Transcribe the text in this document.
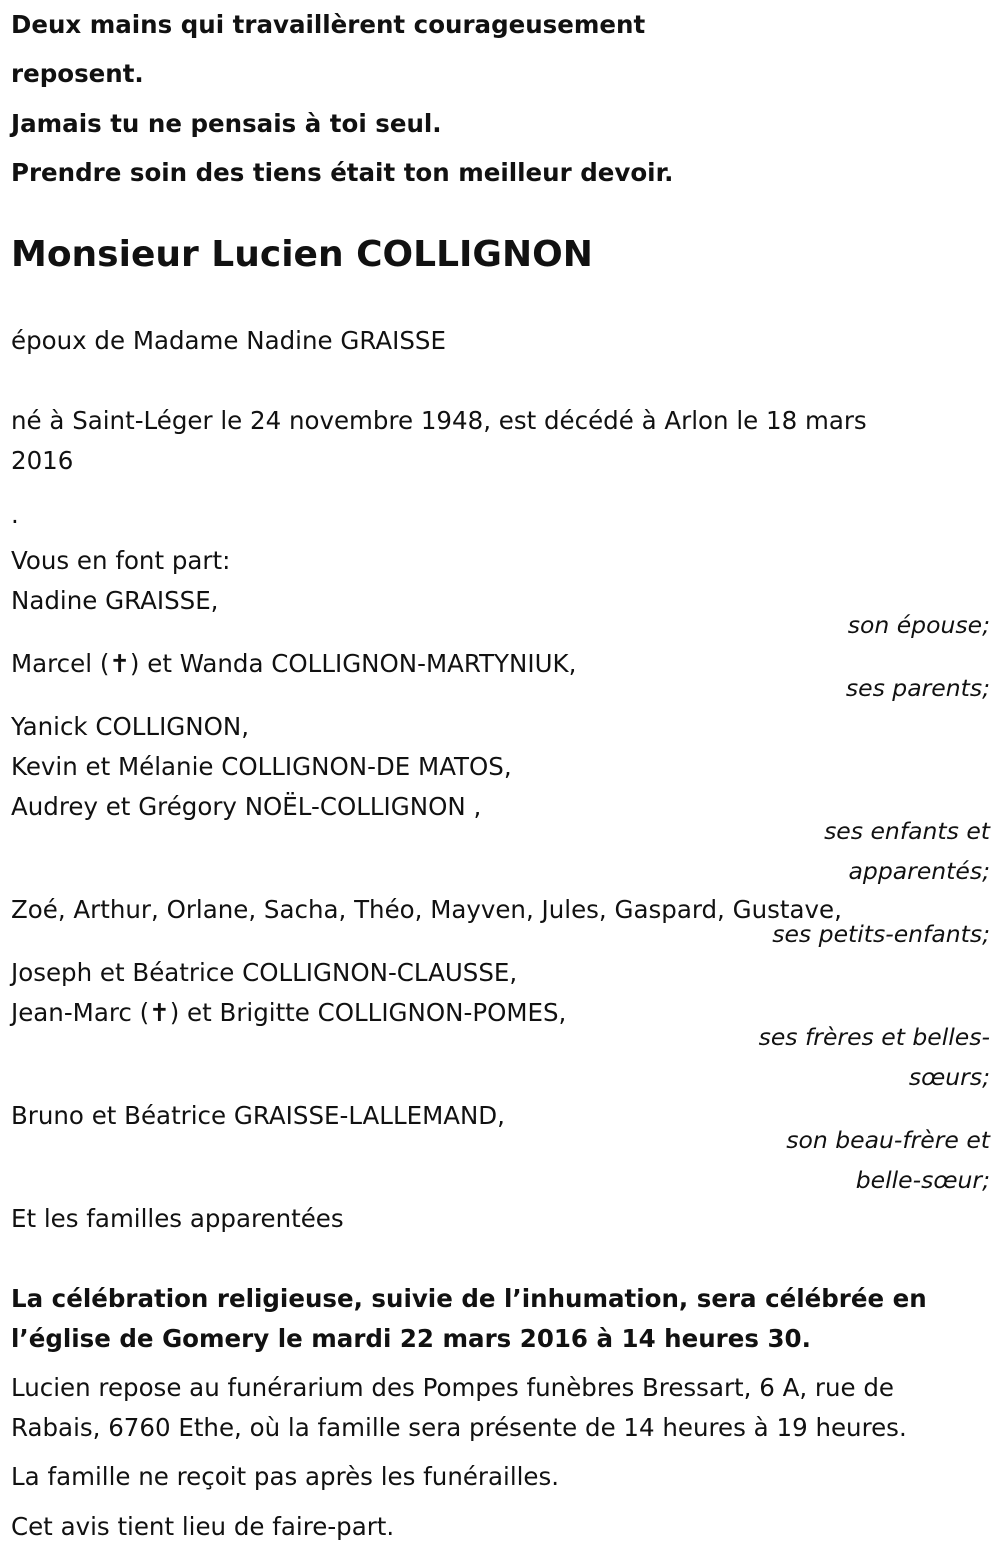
Deux mains qui travaillèrent courageusement
reposent.
Jamais tu ne pensais à toi seul.
Prendre soin des tiens était ton meilleur devoir.
Monsieur Lucien COLLIGNON
époux de Madame Nadine GRAISSE
né à Saint-Léger le 24 novembre 1948, est décédé à Arlon le 18 mars
2016
.
Vous en font part:
Nadine GRAISSE,
son épouse;
Marcel (✝) et Wanda COLLIGNON-MARTYNIUK,
ses parents;
Yanick COLLIGNON,
Kevin et Mélanie COLLIGNON-DE MATOS,
Audrey et Grégory NOËL-COLLIGNON ,
ses enfants et
apparentés;
Zoé, Arthur, Orlane, Sacha, Théo, Mayven, Jules, Gaspard, Gustave,
ses petits-enfants;
Joseph et Béatrice COLLIGNON-CLAUSSE,
Jean-Marc (✝) et Brigitte COLLIGNON-POMES,
ses frères et belles-
sœurs;
Bruno et Béatrice GRAISSE-LALLEMAND,
son beau-frère et
belle-sœur;
Et les familles apparentées
La célébration religieuse, suivie de l’inhumation, sera célébrée en
l’église de Gomery le mardi 22 mars 2016 à 14 heures 30.
Lucien repose au funérarium des Pompes funèbres Bressart, 6 A, rue de
Rabais, 6760 Ethe, où la famille sera présente de 14 heures à 19 heures.
La famille ne reçoit pas après les funérailles.
Cet avis tient lieu de faire-part.
